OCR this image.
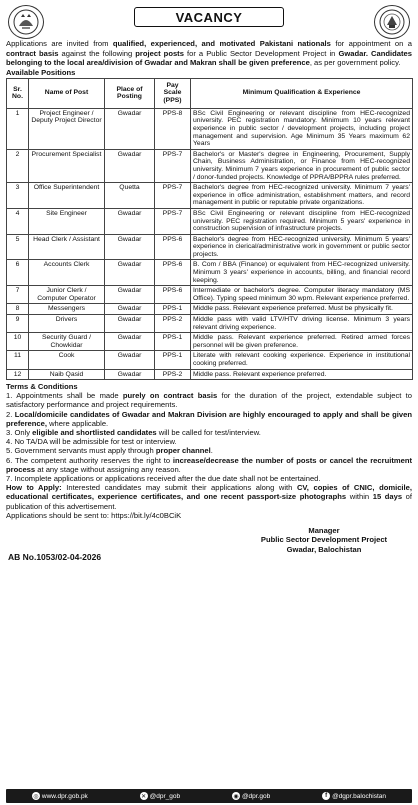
VACANCY

Applications are invited from qualified, experienced, and motivated Pakistani nationals for appointment on a contract basis against the following project posts for a Public Sector Development Project in Gwadar. Candidates belonging to the local area/division of Gwadar and Makran shall be given preference, as per government policy.

Available Positions
Sr. No.	Name of Post	Place of Posting	Pay Scale (PPS)	Minimum Qualification & Experience
1	Project Engineer / Deputy Project Director	Gwadar	PPS-8	BSc Civil Engineering or relevant discipline from HEC-recognized university. PEC registration mandatory. Minimum 10 years relevant experience in public sector / development projects, including project management and supervision. Age Minimum 35 Years maximum 62 Years
2	Procurement Specialist	Gwadar	PPS-7	Bachelor's or Master's degree in Engineering, Procurement, Supply Chain, Business Administration, or Finance from HEC-recognized university. Minimum 7 years experience in procurement of public sector / donor-funded projects. Knowledge of PPRA/BPPRA rules preferred.
3	Office Superintendent	Quetta	PPS-7	Bachelor's degree from HEC-recognized university. Minimum 7 years' experience in office administration, establishment matters, and record management in public or reputable private organizations.
4	Site Engineer	Gwadar	PPS-7	BSc Civil Engineering or relevant discipline from HEC-recognized university. PEC registration required. Minimum 5 years' experience in construction supervision of infrastructure projects.
5	Head Clerk / Assistant	Gwadar	PPS-6	Bachelor's degree from HEC-recognized university. Minimum 5 years' experience in clerical/administrative work in government or public sector projects.
6	Accounts Clerk	Gwadar	PPS-6	B. Com / BBA (Finance) or equivalent from HEC-recognized university. Minimum 3 years' experience in accounts, billing, and financial record keeping.
7	Junior Clerk / Computer Operator	Gwadar	PPS-6	Intermediate or bachelor's degree. Computer literacy mandatory (MS Office). Typing speed minimum 30 wpm. Relevant experience preferred.
8	Messengers	Gwadar	PPS-1	Middle pass. Relevant experience preferred. Must be physically fit.
9	Drivers	Gwadar	PPS-2	Middle pass with valid LTV/HTV driving license. Minimum 3 years relevant driving experience.
10	Security Guard / Chowkidar	Gwadar	PPS-1	Middle pass. Relevant experience preferred. Retired armed forces personnel will be given preference.
11	Cook	Gwadar	PPS-1	Literate with relevant cooking experience. Experience in institutional cooking preferred.
12	Naib Qasid	Gwadar	PPS-2	Middle pass. Relevant experience preferred.
Terms & Conditions

1. Appointments shall be made purely on contract basis for the duration of the project, extendable subject to satisfactory performance and project requirements.

2. Local/domicile candidates of Gwadar and Makran Division are highly encouraged to apply and shall be given preference, where applicable.

3. Only eligible and shortlisted candidates will be called for test/interview.

4. No TA/DA will be admissible for test or interview.

5. Government servants must apply through proper channel.

6. The competent authority reserves the right to increase/decrease the number of posts or cancel the recruitment process at any stage without assigning any reason.

7. Incomplete applications or applications received after the due date shall not be entertained.

How to Apply: Interested candidates may submit their applications along with CV, copies of CNIC, domicile, educational certificates, experience certificates, and one recent passport-size photographs within 15 days of publication of this advertisement.

Applications should be sent to: https://bit.ly/4c0BCiK

AB No.1053/02-04-2026
Manager
Public Sector Development Project
Gwadar, Balochistan
◎ www.dpr.gob.pk	✕ @dpr_gob	◉ @dpr.gob	f @dgpr.balochistan
